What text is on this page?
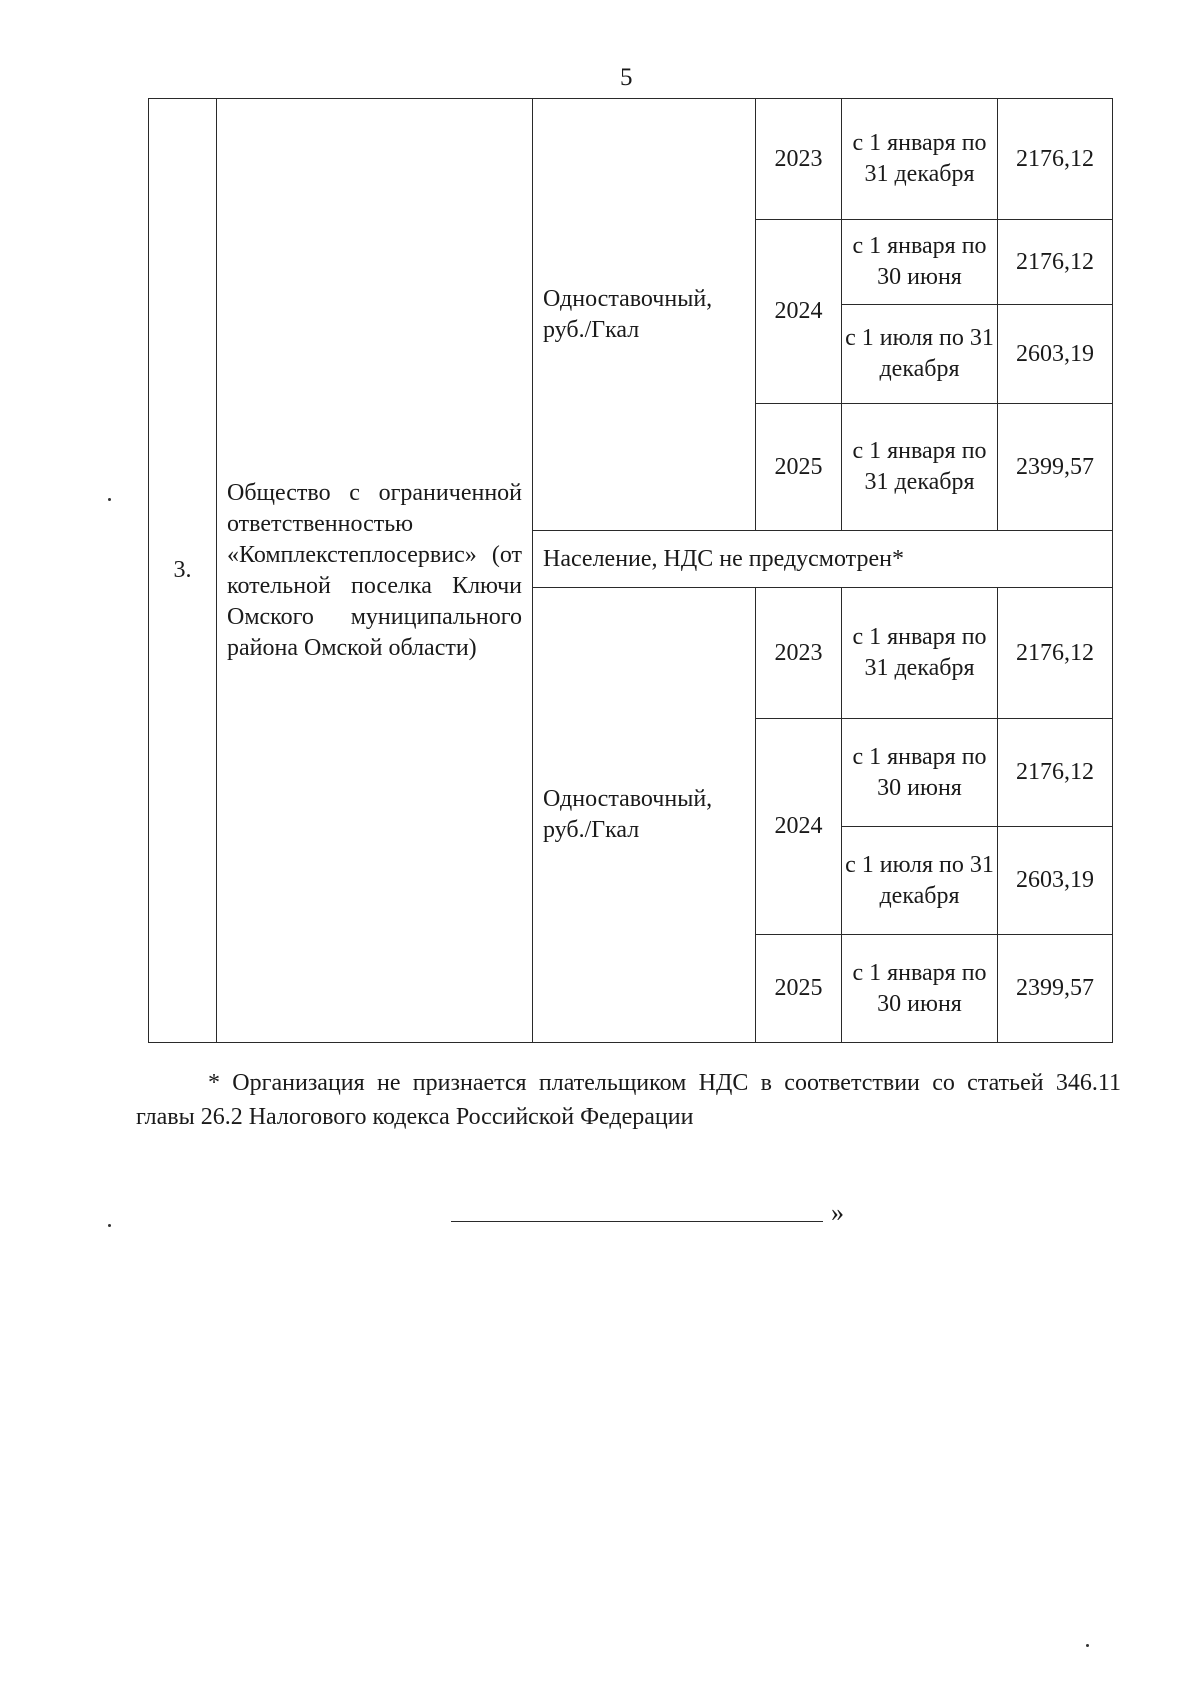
5
3.	Общество с ограниченной ответственностью «Комплекстеплосервис» (от котельной поселка Ключи Омского муниципального района Омской области)	Одноставочный, руб./Гкал	2023	с 1 января по 31 декабря	2176,12
			2024	с 1 января по 30 июня	2176,12
				с 1 июля по 31 декабря	2603,19
			2025	с 1 января по 31 декабря	2399,57
		Население, НДС не предусмотрен*			
		Одноставочный, руб./Гкал	2023	с 1 января по 31 декабря	2176,12
			2024	с 1 января по 30 июня	2176,12
				с 1 июля по 31 декабря	2603,19
			2025	с 1 января по 30 июня	2399,57
* Организация не признается плательщиком НДС в соответствии со статьей 346.11 главы 26.2 Налогового кодекса Российской Федерации
»
